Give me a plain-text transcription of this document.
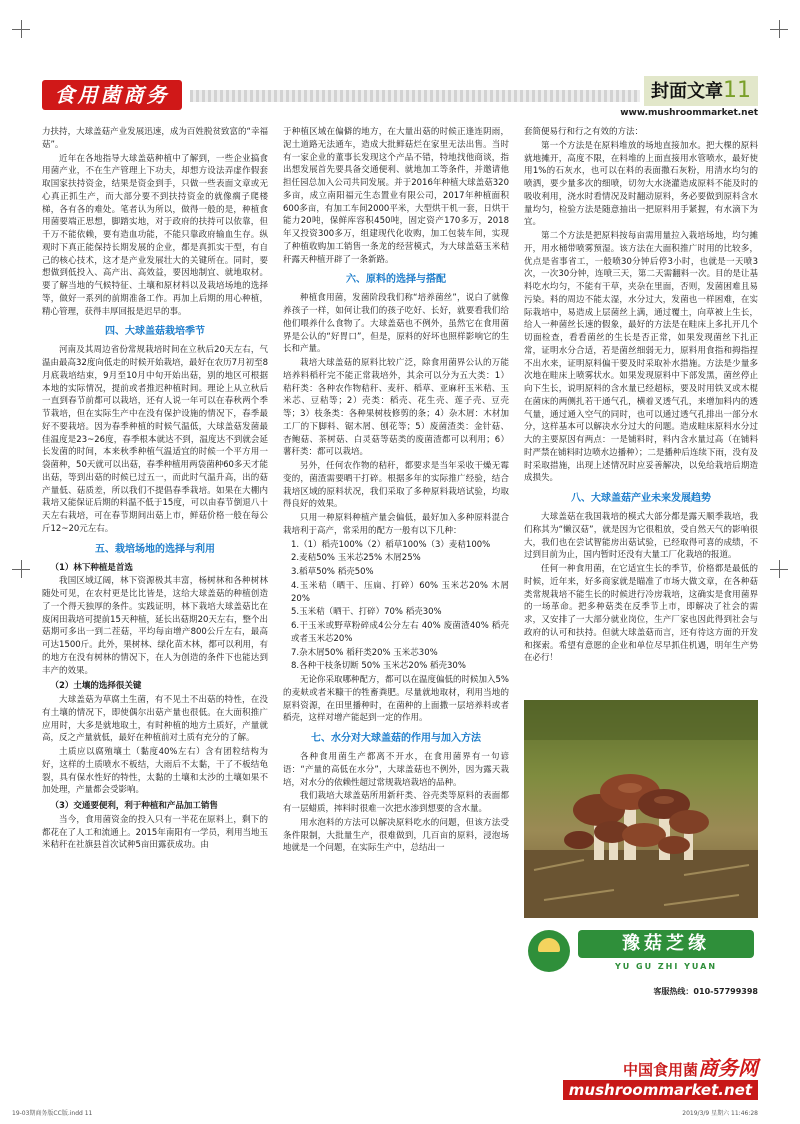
食用菌商务	封面文章11
www.mushroommarket.net

力扶持，大球盖菇产业发展迅速，成为百姓脱贫致富的“幸福菇”。

近年在各地指导大球盖菇种植中了解到，一些企业搞食用菌产业，不在生产管理上下功夫，却想方设法弄虚作假套取国家扶持资金，结果是资金到手，只做一些表面文章或无心真正抓生产，而大部分要不到扶持资金的就像瘸子爬楼梯，各有各的难处。笔者认为所以，做得一般的是，种植食用菌要端正思想，脚踏实地，对于政府的扶持可以依靠，但千万不能依赖，要有造血功能，不能只靠政府输血生存。纵观时下真正能保持长期发展的企业，都是真抓实干型，有自己的核心技术，这才是产业发展壮大的关键所在。同时，要想做到低投入、高产出、高效益，要因地制宜、就地取材。要了解当地的气候特征、土壤和原材料以及栽培场地的选择等，做好一系列的前期准备工作。再加上后期的用心种植，精心管理，获得丰厚回报是迟早的事。

四、大球盖菇栽培季节

河南及其周边省份常规栽培时间在立秋后20天左右，气温由最高32度向低走的时候开始栽培，最好在农历7月初至8月底栽培结束，9月至10月中旬开始出菇，别的地区可根据本地的实际情况，提前或者推迟种植时间。理论上从立秋后一直到春节前都可以栽培，还有人说一年可以在春秋两个季节栽培，但在实际生产中在没有保护设施的情况下，春季最好不要栽培。因为春季种植的时候气温低，大球盖菇发菌最佳温度是23~26度，春季根本就达不到，温度达不到就会延长发菌的时间，本来秋季种植气温适宜的时候一个平方用一袋菌种，50天就可以出菇，春季种植用两袋菌种60多天才能出菇，等到出菇的时候已过五一，而此时气温升高，出的菇产量低、菇质差，所以我们不提倡春季栽培。如果在大棚内栽培又能保证后期的料温不低于15度，可以由春节倒退八十天左右栽培，可在春节期间出菇上市，鲜菇价格一般在每公斤12~20元左右。

五、栽培场地的选择与利用

（1）林下种植是首选

我国区域辽阔，林下资源极其丰富，杨树林和各种树林随处可见，在农村更是比比皆是，这给大球盖菇的种植创造了一个得天独厚的条件。实践证明，林下栽培大球盖菇比在废闲田栽培可提前15天种植，延长出菇期20天左右，整个出菇期可多出一到二茬菇，平均每亩增产800公斤左右，最高可达1500斤。此外，果树林、绿化苗木林，都可以利用，有的地方在没有树林的情况下，在人为创造的条件下也能达到丰产的效果。

（2）土壤的选择很关键

大球盖菇为草腐土生菌，有不见土不出菇的特性，在没有土壤的情况下，即使偶尔出菇产量也很低。在大面积推广应用时，大多是就地取土，有时种植的地方土质好，产量就高，反之产量就低，最好在种植前对土质有充分的了解。

土质应以腐殖壤土（黏度40%左右）含有团粒结构为好，这样的土质喷水不板结，大雨后不太黏，干了不板结龟裂，具有保水性好的特性，太黏的土壤和太沙的土壤如果不加处理，产量都会受影响。

（3）交通要便利，利于种植和产品加工销售

当今，食用菌资金的投入只有一半花在原料上，剩下的都花在了人工和流通上。2015年南阳有一学员，利用当地玉米秸秆在社旗县首次试种5亩田露获成功。由

于种植区域在偏僻的地方，在大量出菇的时候正逢连阴雨，泥土道路无法通车，造成大批鲜菇烂在家里无法出售。当时有一家企业的董事长发现这个产品不错，特地找他商谈，指出想发展首先要具备交通便利、就地加工等条件，并邀请他担任园总加入公司共同发展。并于2016年种植大球盖菇320多亩，成立南阳福元生态置业有限公司，2017年种植面积600多亩，有加工车间2000平米，大型烘干机一套，日烘干能力20吨，保鲜库容积450吨，固定资产170多万，2018年又投资300多万，组建现代化收购，加工包装车间，实现了种植收购加工销售一条龙的经营模式，为大球盖菇玉米秸秆露天种植开辟了一条新路。

六、原料的选择与搭配

种植食用菌，发菌阶段我们称“培养菌丝”，说白了就像养孩子一样，如何让我们的孩子吃好、长好，就要看我们给他们喂养什么食物了。大球盖菇也不例外，虽然它在食用菌界是公认的“好胃口”，但是，原料的好坏也照样影响它的生长和产量。

栽培大球盖菇的原料比较广泛，除食用菌界公认的万能培养料稻秆完不能正常栽培外，其余可以分为五大类：1）秸秆类：各种农作物秸秆、麦秆、稻草、亚麻秆玉米秸、玉米芯、豆秸等；2）壳类：稻壳、花生壳、莲子壳、豆壳等；3）枝条类：各种果树枝修剪的条；4）杂木屑：木材加工厂的下脚料、锯木屑、刨花等；5）废菌渣类：金针菇、杏鲍菇、茶树菇、白灵菇等菇类的废菌渣都可以利用；6）薯秆类：都可以栽培。

另外，任何农作物的秸秆，都要求是当年采收干燥无霉变的，菌渣需要晒干打碎。根据多年的实际推广经验，结合栽培区域的原料状况，我们采取了多种原料栽培试验，均取得良好的效果。

只用一种原料种植产量会偏低，最好加入多种原料混合栽培利于高产，常采用的配方一般有以下几种：

1.（1）稻壳100%（2）稻草100%（3）麦秸100%

2.麦秸50% 玉米芯25% 木屑25%

3.稻草50% 稻壳50%

4.玉米秸（晒干、压扁、打碎）60% 玉米芯20% 木屑20%

5.玉米秸（晒干、打碎）70% 稻壳30%

6.干玉米或野草粉碎成4公分左右 40% 废菌渣40% 稻壳或者玉米芯20%

7.杂木屑50% 稻秆类20% 玉米芯30%

8.各种干枝条切断 50% 玉米芯20% 稻壳30%

无论你采取哪种配方，都可以在温度偏低的时候加入5%的麦麸或者米糠干的牲畜粪肥。尽量就地取材，利用当地的原料资源，在田里播种时，在菌种的上面撒一层培养料或者稻壳，这样对增产能起到一定的作用。

七、水分对大球盖菇的作用与加入方法

各种食用菌生产都离不开水，在食用菌界有一句谚语：“产量的高低在水分”，大球盖菇也不例外，因为露天栽培，对水分的依赖性超过常规栽培栽培的品种。

我们栽培大球盖菇所用新秆类、谷壳类等原料的表面都有一层蜡质，摔料时很难一次把水渗到想要的含水量。

用水泡料的方法可以解决原料吃水的问题，但该方法受条件限制，大批量生产，很难做到，几百亩的原料，浸泡场地就是一个问题，在实际生产中，总结出一

套简便易行和行之有效的方法：

第一个方法是在原料堆放的场地直接加水。把大棵的原料就地摊开，高度不限，在料堆的上面直接用水管喷水，最好使用1%的石灰水，也可以在料的表面撒石灰粉，用清水均匀的喷洒，要少量多次的细喷，切勿大水浇灌造成原料不能及时的吸收利用，浇水时看情况及时翻动原料，务必要做到原料含水量均匀，检验方法是随意抽出一把原料用手紧握，有水滴下为宜。

第二个方法是把原料按每亩需用量拉入栽培场地，均匀摊开，用水桶带喷雾预湿。该方法在大面积推广时用的比较多，优点是省事省工，一般喷30分钟后停3小时，也就是一天喷3次，一次30分钟，连喷三天，第二天需翻料一次。目的是让基料吃水均匀，不能有干草，夹杂在里面，否则，发菌困难且易污染。料的周边不能太湿，水分过大，发菌也一样困难，在实际栽培中，易造成上层菌丝上满，通过覆土，向草被上生长，给人一种菌丝长速的假象，最好的方法是在畦床上多扎开几个切面检查，看看菌丝的生长是否正常，如果发现菌丝下扎正常，证明水分合适，若是菌丝细弱无力，原料用食指和拇指捏不出水来，证明原料偏干要及时采取补水措施。方法是少量多次地在畦床上喷雾状水。如果发现原料中下部发黑，菌丝停止向下生长，说明原料的含水量已经超标，要及时用铁叉或木棍在菌床的两侧扎若干通气孔，横着叉透气孔，来增加料内的透气量，通过通入空气的同时，也可以通过透气孔排出一部分水分，这样基本可以解决水分过大的问题。造成畦床原料水分过大的主要原因有两点：一是铺料时，料内含水量过高（在铺料时严禁在铺料时边喷水边播种）；二是播种后连续下雨，没有及时采取措施，出现上述情况时应妥善解决，以免给栽培后期造成损失。

八、大球盖菇产业未来发展趋势

大球盖菇在我国栽培的模式大部分都是露天顺季栽培，我们称其为“懒汉菇”，就是因为它很粗放，受自然天气的影响很大，我们也在尝试智能房出菇试验，已经取得可喜的成绩，不过到目前为止，国内暂时还没有大量工厂化栽培的报道。

任何一种食用菌，在它适宜生长的季节，价格都是最低的时候，近年来，好多商家就是瞄准了市场大做文章，在各种菇类常规栽培不能生长的时候进行冷房栽培，这确实是食用菌界的一场革命。把多种菇类在反季节上市，即解决了社会的需求，又安排了一大部分就业岗位，生产厂家也因此得到社会与政府的认可和扶持。但就大球盖菇而言，还有待这方面的开发和探索。希望有意愿的企业和单位尽早抓住机遇，明年生产势在必行！

豫菇芝缘
YU GU ZHI YUAN
客服热线：010-57799398
中国食用菌商务网
mushroommarket.net
19-03期商务版CC版.indd 11	2019/3/9 星期六 11:46:28
